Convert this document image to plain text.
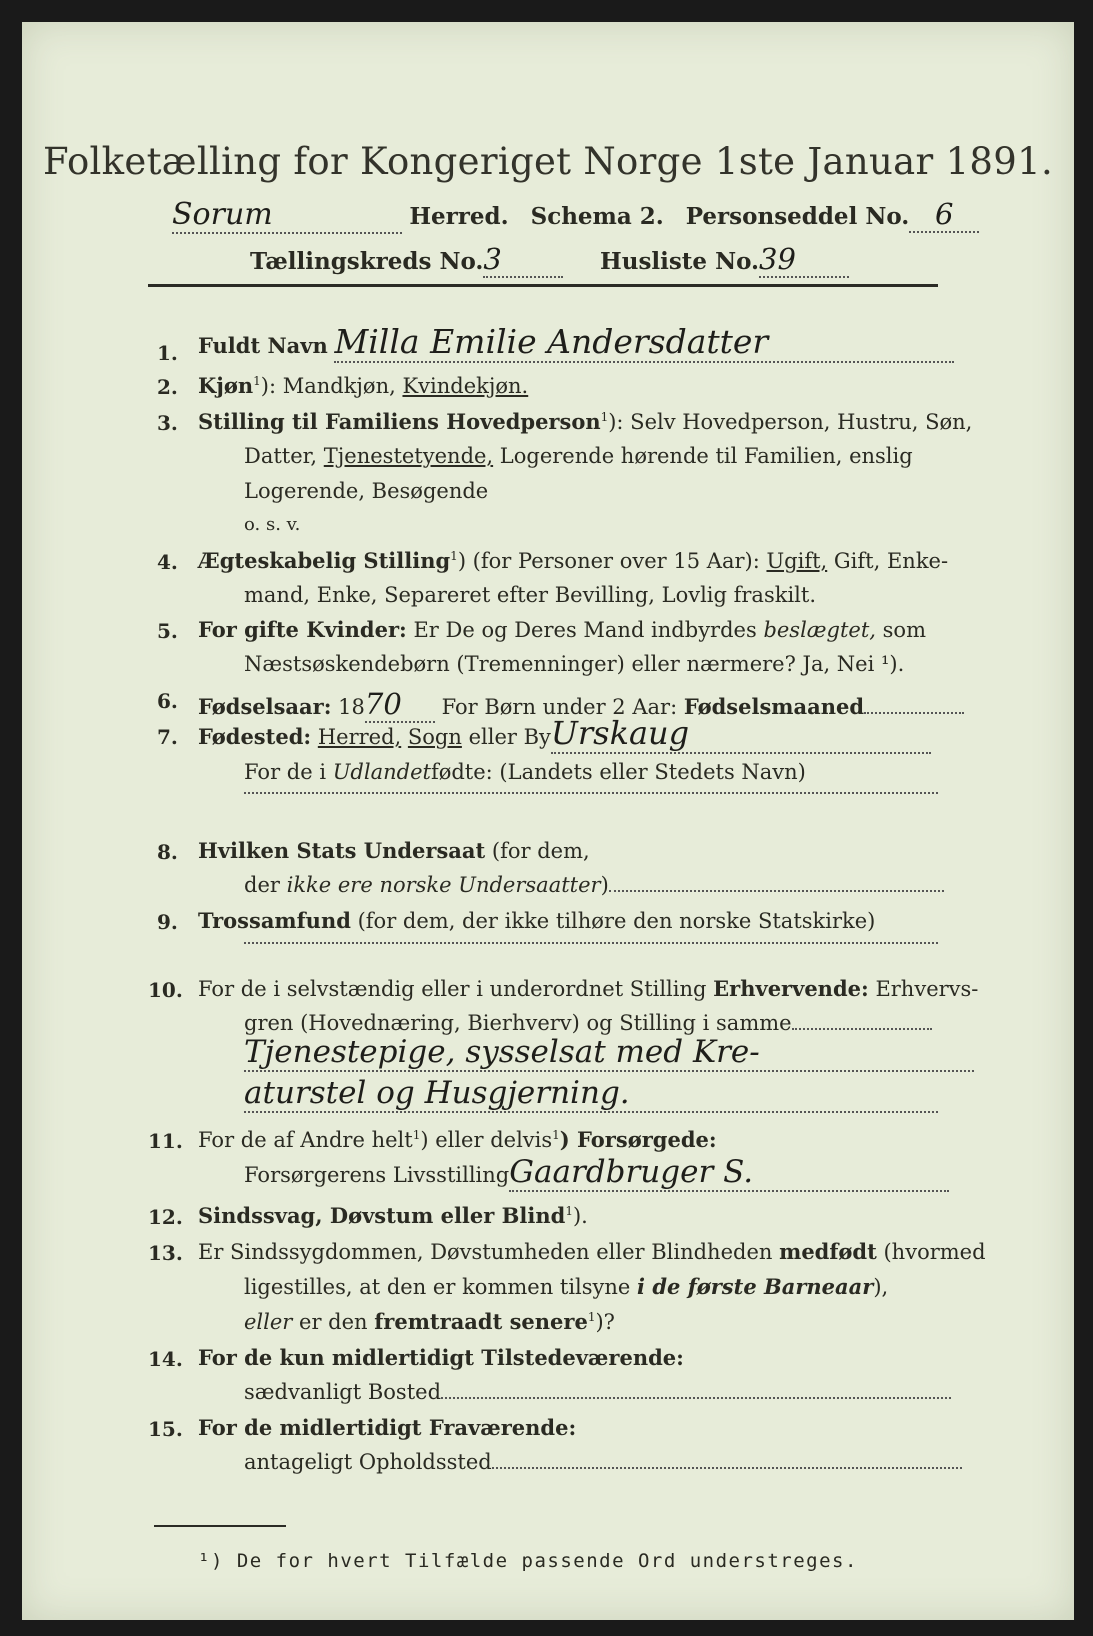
Folketælling for Kongeriget Norge 1ste Januar 1891.
Sorum	Herred. Schema 2. Personseddel No. 6
Tællingskreds No.3	Husliste No.39
1. Fuldt Navn Milla Emilie Andersdatter
2. Kjøn$^1$): Mandkjøn, Kvindekjøn.
3. Stilling til Familiens Hovedperson$^1$): Selv Hovedperson, Hustru, Søn,
Datter, Tjenestetyende, Logerende hørende til Familien, enslig
Logerende, Besøgende
o. s. v.
4. Ægteskabelig Stilling$^1$) (for Personer over 15 Aar): Ugift, Gift, Enke-
mand, Enke, Separeret efter Bevilling, Lovlig fraskilt.
5. For gifte Kvinder: Er De og Deres Mand indbyrdes beslægtet, som
Næstsøskendebørn (Tremenninger) eller nærmere? Ja, Nei ¹).
6. Fødselsaar: 1870 For Børn under 2 Aar: Fødselsmaaned
7. Fødested: Herred, Sogn eller ByUrskaug
For de i Udlandetfødte: (Landets eller Stedets Navn)
8. Hvilken Stats Undersaat (for dem,
der ikke ere norske Undersaatter)
9. Trossamfund (for dem, der ikke tilhøre den norske Statskirke)
10. For de i selvstændig eller i underordnet Stilling Erhvervende: Erhvervs-
gren (Hovednæring, Bierhverv) og Stilling i samme
Tjenestepige, sysselsat med Kre-
aturstel og Husgjerning.
11. For de af Andre helt$^1$) eller delvis$^1$) Forsørgede:
Forsørgerens LivsstillingGaardbruger S.
12. Sindssvag, Døvstum eller Blind$^1$).
13. Er Sindssygdommen, Døvstumheden eller Blindheden medfødt (hvormed
ligestilles, at den er kommen tilsyne i de første Barneaar),
eller er den fremtraadt senere$^1$)?
14. For de kun midlertidigt Tilstedeværende:
sædvanligt Bosted
15. For de midlertidigt Fraværende:
antageligt Opholdssted
¹) De for hvert Tilfælde passende Ord understreges.
